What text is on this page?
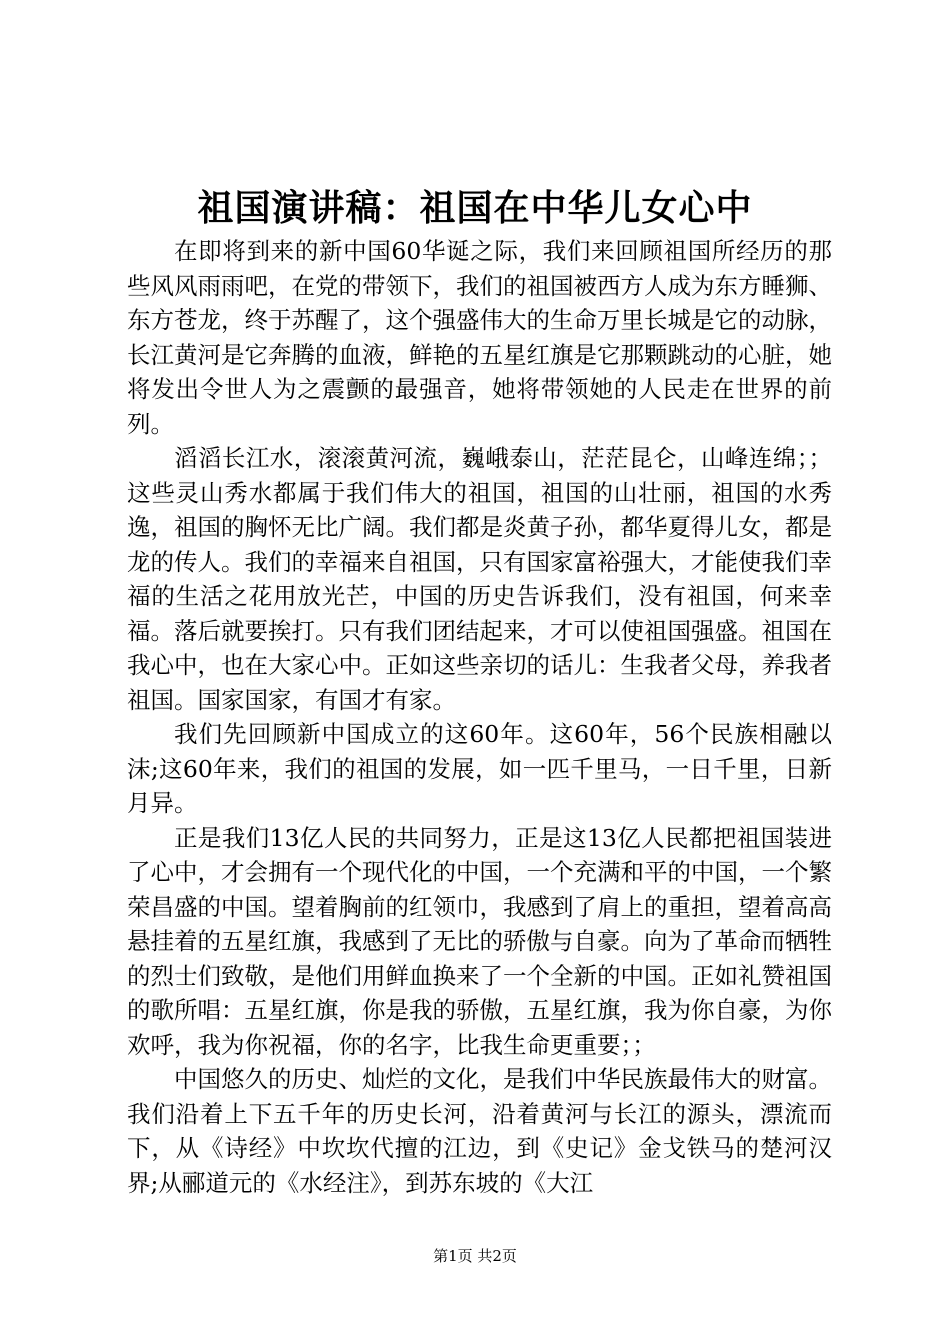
祖国演讲稿：祖国在中华儿女心中

在即将到来的新中国60华诞之际，我们来回顾祖国所经历的那些风风雨雨吧，在党的带领下，我们的祖国被西方人成为东方睡狮、东方苍龙，终于苏醒了，这个强盛伟大的生命万里长城是它的动脉，长江黄河是它奔腾的血液，鲜艳的五星红旗是它那颗跳动的心脏，她将发出令世人为之震颤的最强音，她将带领她的人民走在世界的前列。

滔滔长江水，滚滚黄河流，巍峨泰山，茫茫昆仑，山峰连绵；；这些灵山秀水都属于我们伟大的祖国，祖国的山壮丽，祖国的水秀逸，祖国的胸怀无比广阔。我们都是炎黄子孙，都华夏得儿女，都是龙的传人。我们的幸福来自祖国，只有国家富裕强大，才能使我们幸福的生活之花用放光芒，中国的历史告诉我们，没有祖国，何来幸福。落后就要挨打。只有我们团结起来，才可以使祖国强盛。祖国在我心中，也在大家心中。正如这些亲切的话儿：生我者父母，养我者祖国。国家国家，有国才有家。

我们先回顾新中国成立的这60年。这60年，56个民族相融以沫;这60年来，我们的祖国的发展，如一匹千里马，一日千里，日新月异。

正是我们13亿人民的共同努力，正是这13亿人民都把祖国装进了心中，才会拥有一个现代化的中国，一个充满和平的中国，一个繁荣昌盛的中国。望着胸前的红领巾，我感到了肩上的重担，望着高高悬挂着的五星红旗，我感到了无比的骄傲与自豪。向为了革命而牺牲的烈士们致敬，是他们用鲜血换来了一个全新的中国。正如礼赞祖国的歌所唱：五星红旗，你是我的骄傲，五星红旗，我为你自豪，为你欢呼，我为你祝福，你的名字，比我生命更重要；；

中国悠久的历史、灿烂的文化，是我们中华民族最伟大的财富。我们沿着上下五千年的历史长河，沿着黄河与长江的源头，漂流而下，从《诗经》中坎坎代擅的江边，到《史记》金戈铁马的楚河汉界;从郦道元的《水经注》，到苏东坡的《大江

第1页 共2页
